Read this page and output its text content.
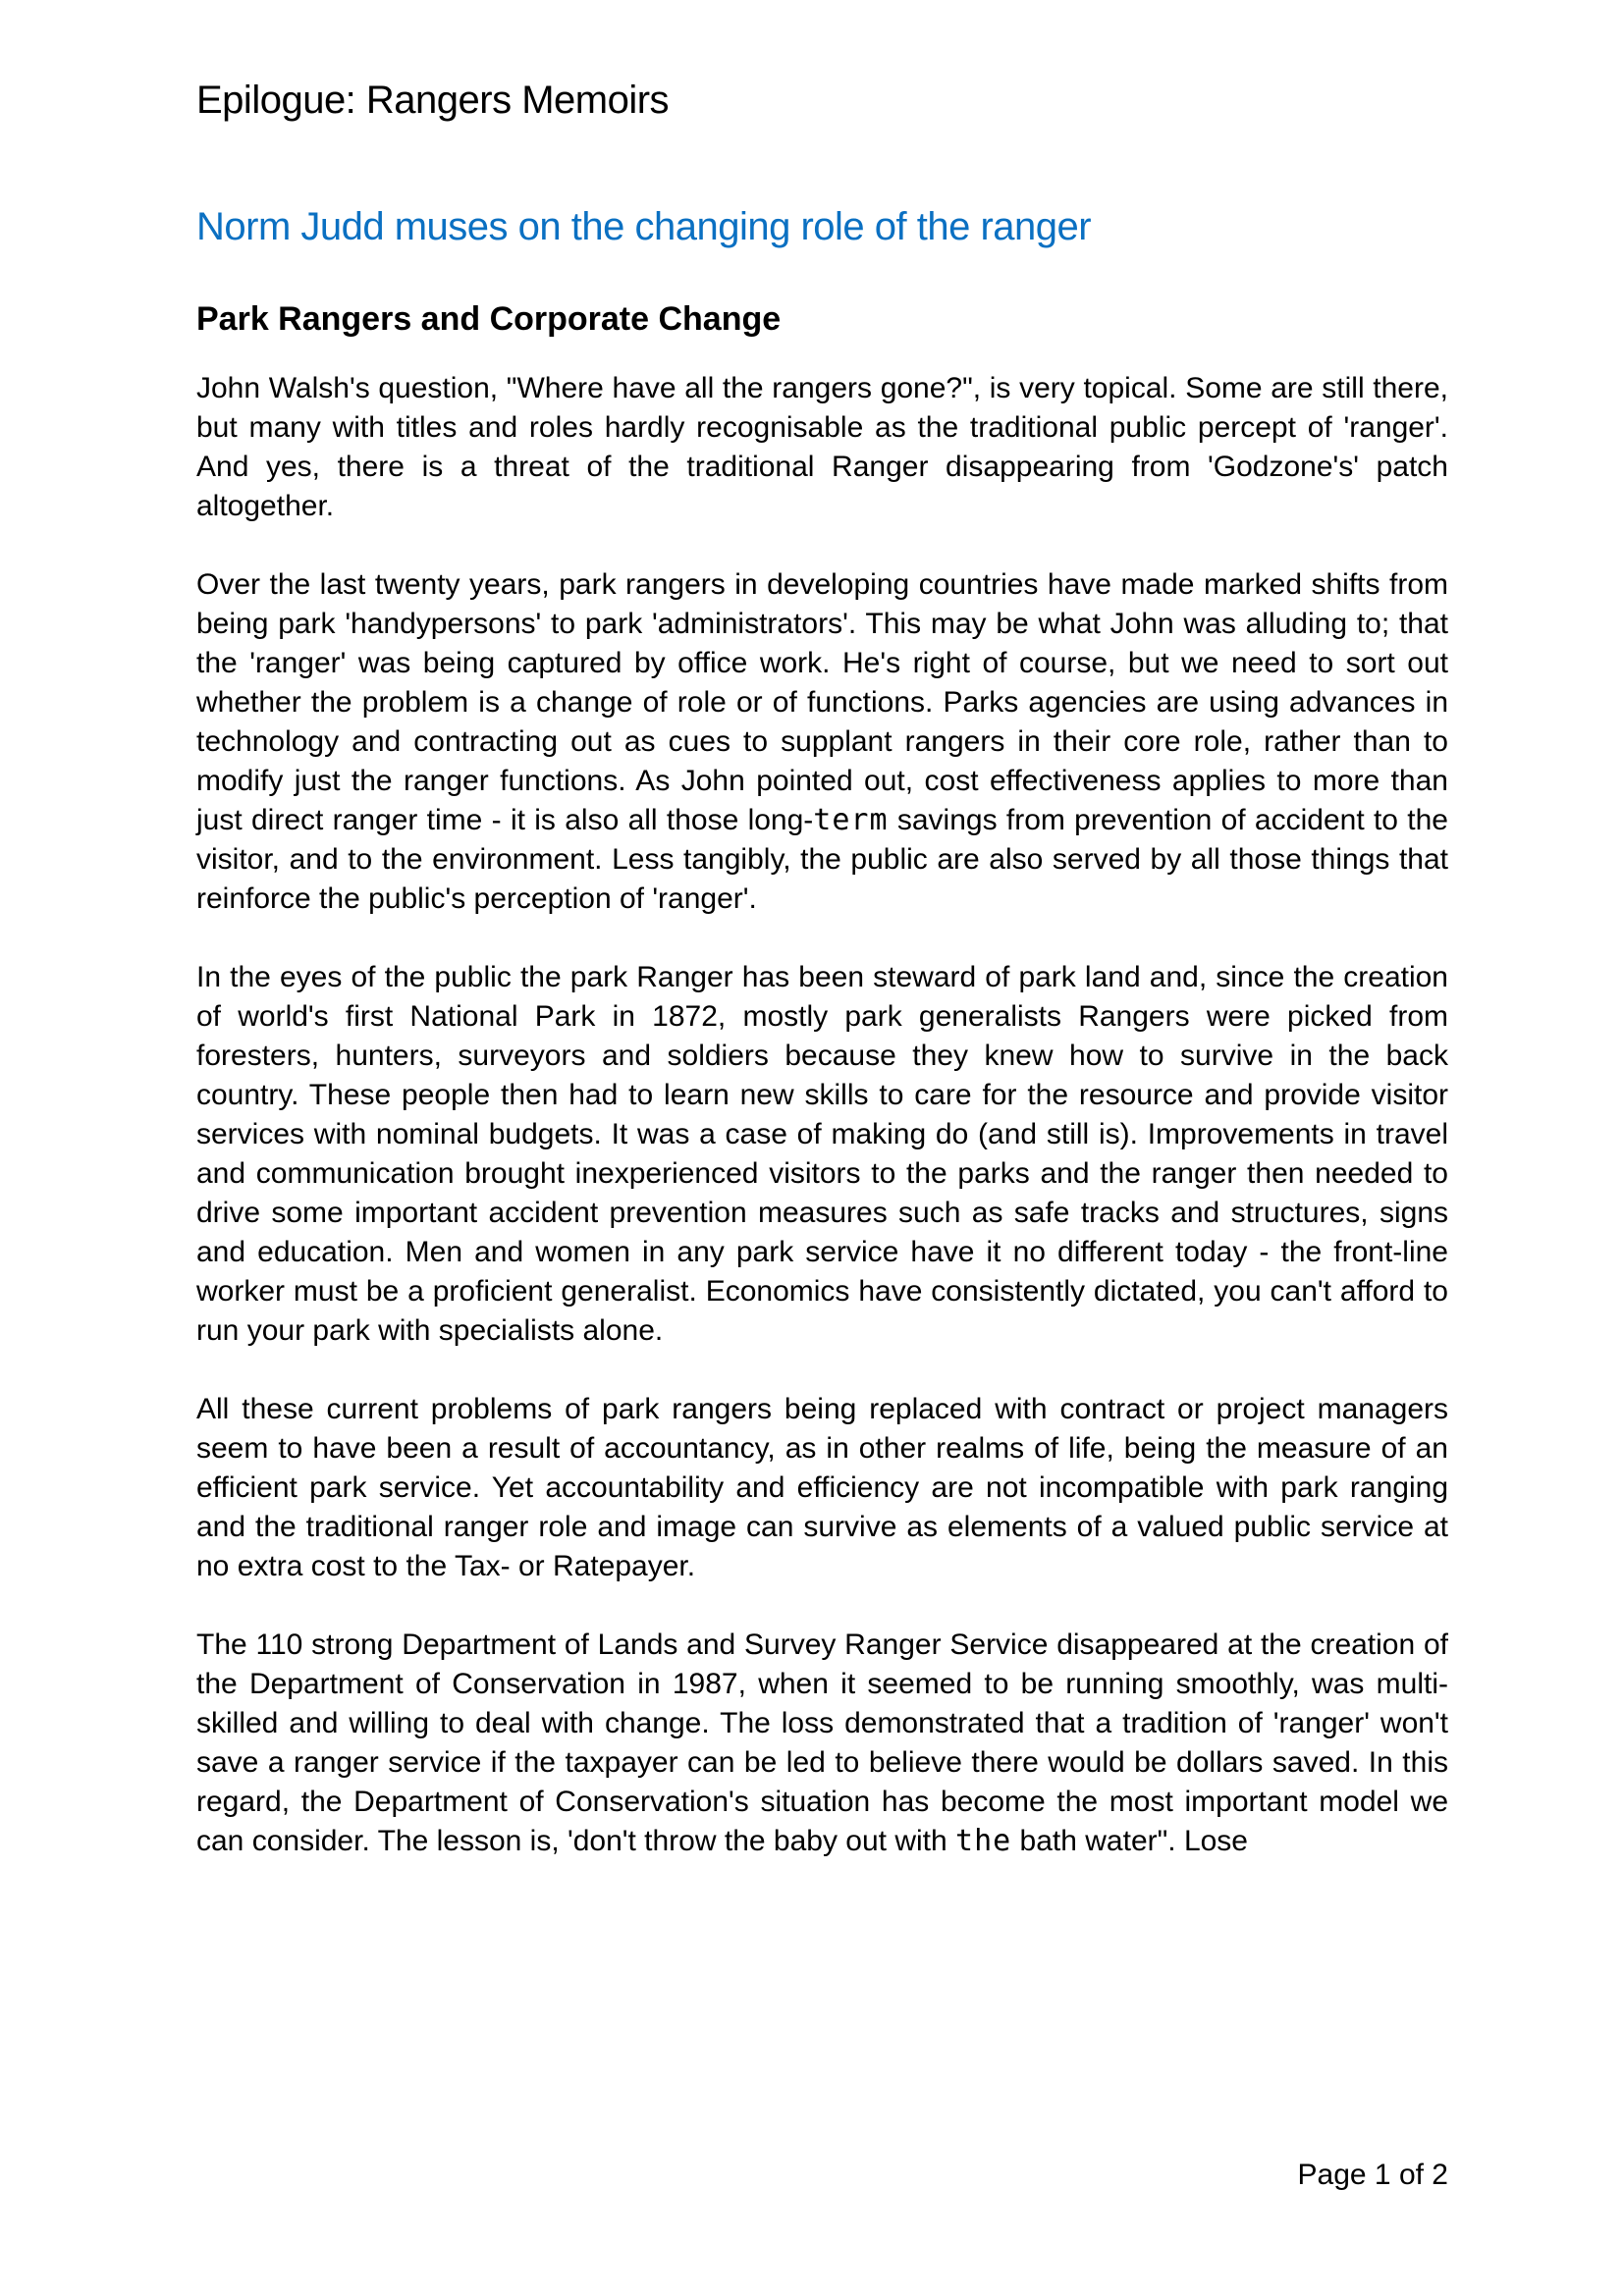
Epilogue: Rangers Memoirs
Norm Judd muses on the changing role of the ranger
Park Rangers and Corporate Change

John Walsh's question, "Where have all the rangers gone?", is very topical. Some are still there, but many with titles and roles hardly recognisable as the traditional public percept of 'ranger'. And yes, there is a threat of the traditional Ranger disappearing from 'Godzone's' patch altogether.

Over the last twenty years, park rangers in developing countries have made marked shifts from being park 'handypersons' to park 'administrators'. This may be what John was alluding to; that the 'ranger' was being captured by office work. He's right of course, but we need to sort out whether the problem is a change of role or of functions. Parks agencies are using advances in technology and contracting out as cues to supplant rangers in their core role, rather than to modify just the ranger functions. As John pointed out, cost effectiveness applies to more than just direct ranger time - it is also all those long-term savings from prevention of accident to the visitor, and to the environment. Less tangibly, the public are also served by all those things that reinforce the public's perception of 'ranger'.

In the eyes of the public the park Ranger has been steward of park land and, since the creation of world's first National Park in 1872, mostly park generalists Rangers were picked from foresters, hunters, surveyors and soldiers because they knew how to survive in the back country. These people then had to learn new skills to care for the resource and provide visitor services with nominal budgets. It was a case of making do (and still is). Improvements in travel and communication brought inexperienced visitors to the parks and the ranger then needed to drive some important accident prevention measures such as safe tracks and structures, signs and education. Men and women in any park service have it no different today - the front-line worker must be a proficient generalist. Economics have consistently dictated, you can't afford to run your park with specialists alone.

All these current problems of park rangers being replaced with contract or project managers seem to have been a result of accountancy, as in other realms of life, being the measure of an efficient park service. Yet accountability and efficiency are not incompatible with park ranging and the traditional ranger role and image can survive as elements of a valued public service at no extra cost to the Tax- or Ratepayer.

The 110 strong Department of Lands and Survey Ranger Service disappeared at the creation of the Department of Conservation in 1987, when it seemed to be running smoothly, was multi-skilled and willing to deal with change. The loss demonstrated that a tradition of 'ranger' won't save a ranger service if the taxpayer can be led to believe there would be dollars saved. In this regard, the Department of Conservation's situation has become the most important model we can consider. The lesson is, 'don't throw the baby out with the bath water". Lose

Page 1 of 2
